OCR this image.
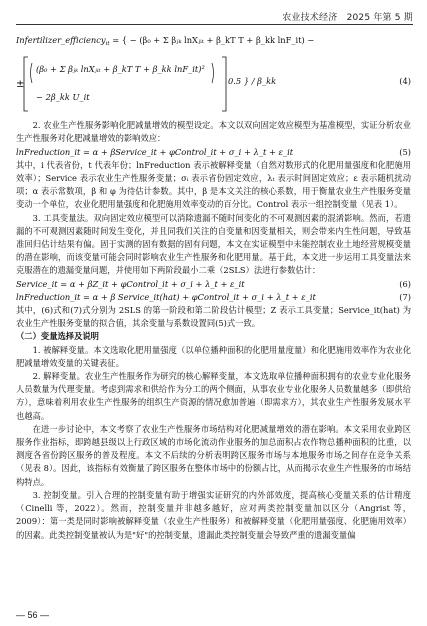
农业技术经济 2025 年第 5 期
Infertilizer_efficiency$_{it}$ = { − (β₀ + Σ βⱼₖ lnXⱼᵢₜ + β_kT T + β_kk lnF_it) −
±
(β₀ + Σ βⱼₖ lnXⱼᵢₜ + β_kT T + β_kk lnF_it)²
− 2β_kk U_it
0.5 } / β_kk	(4)

2. 农业生产性服务影响化肥减量增效的模型设定。本文以双向固定效应模型为基准模型，实证分析农业生产性服务对化肥减量增效的影响效应：

lnFreduction_it = α + βService_it + φControl_it + σ_i + λ_t + ε_it	(5)

其中，i 代表省份，t 代表年份；lnFreduction 表示被解释变量（自然对数形式的化肥用量强度和化肥施用效率）；Service 表示农业生产性服务变量；σᵢ 表示省份固定效应，λₜ 表示时间固定效应；ε 表示随机扰动项；α 表示常数项，β 和 φ 为待估计参数。其中，β 是本文关注的核心系数，用于衡量农业生产性服务变量变动一个单位，农业化肥用量强度和化肥施用效率变动的百分比。Control 表示一组控制变量（见表 1）。

3. 工具变量法。双向固定效应模型可以消除遗漏不随时间变化的不可观测因素的混淆影响。然而，若遗漏的不可观测因素随时间发生变化，并且同我们关注的自变量和因变量相关，则会带来内生性问题，导致基准回归估计结果有偏。固于实测的固有数据的固有问题，本文在实证模型中未能控制农业土地经营规模变量的潜在影响，而该变量可能会同时影响农业生产性服务和化肥用量。基于此，本文进一步运用工具变量法来克服潜在的遗漏变量问题，并使用如下两阶段最小二乘（2SLS）法进行参数估计：

Service_it = α + βZ_it + φControl_it + σ_i + λ_t + ε_it	(6)
lnFreduction_it = α + β Service_it(hat) + φControl_it + σ_i + λ_t + ε_it	(7)

其中，(6)式和(7)式分别为 2SLS 的第一阶段和第二阶段估计模型；Z 表示工具变量；Service_it(hat) 为农业生产性服务变量的拟合值，其余变量与系数设置同(5)式一致。

（二）变量选择及说明

1. 被解释变量。本文选取化肥用量强度（以单位播种面积的化肥用量度量）和化肥施用效率作为农业化肥减量增效变量的关键表征。

2. 解释变量。农业生产性服务作为研究的核心解释变量，本文选取单位播种面积拥有的农业专业化服务人员数量为代理变量。考虑到需求和供给作为分工的两个侧面，从事农业专业化服务人员数量越多（即供给方），意味着利用农业生产性服务的组织生产资源的情况愈加普遍（即需求方），其农业生产性服务发展水平也越高。

在进一步讨论中，本文考察了农业生产性服务市场结构对化肥减量增效的潜在影响。本文采用农业跨区服务作业指标，即跨越县级以上行政区域的市场化流动作业服务的加总面积占农作物总播种面积的比重，以测度各省份跨区服务的普及程度。本文不后续的分析表明跨区服务市场与本地服务市场之间存在竞争关系（见表 8）。因此，该指标有效衡量了跨区服务在整体市场中的份额占比，从而揭示农业生产性服务的市场结构特点。

3. 控制变量。引入合理的控制变量有助于增强实证研究的内外部效度，提高核心变量关系的估计精度（Cinelli 等，2022）。然而，控制变量并非越多越好，应对两类控制变量加以区分（Angrist 等，2009）：第一类是同时影响被解释变量（农业生产性服务）和被解释变量（化肥用量强度、化肥施用效率）的因素。此类控制变量被认为是"好"的控制变量，遗漏此类控制变量会导致严重的遗漏变量偏

— 56 —
